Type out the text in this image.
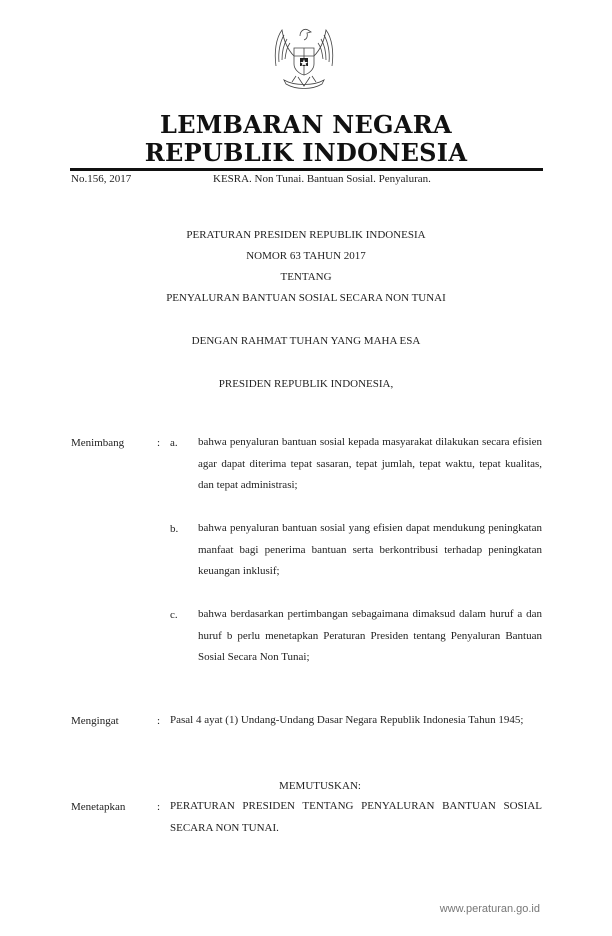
LEMBARAN NEGARA
REPUBLIK INDONESIA
No.156, 2017	KESRA. Non Tunai. Bantuan Sosial. Penyaluran.
PERATURAN PRESIDEN REPUBLIK INDONESIA
NOMOR 63 TAHUN 2017
TENTANG
PENYALURAN BANTUAN SOSIAL SECARA NON TUNAI
DENGAN RAHMAT TUHAN YANG MAHA ESA
PRESIDEN REPUBLIK INDONESIA,
Menimbang	: a. bahwa penyaluran bantuan sosial kepada masyarakat dilakukan secara efisien agar dapat diterima tepat sasaran, tepat jumlah, tepat waktu, tepat kualitas, dan tepat administrasi;
b. bahwa penyaluran bantuan sosial yang efisien dapat mendukung peningkatan manfaat bagi penerima bantuan serta berkontribusi terhadap peningkatan keuangan inklusif;
c. bahwa berdasarkan pertimbangan sebagaimana dimaksud dalam huruf a dan huruf b perlu menetapkan Peraturan Presiden tentang Penyaluran Bantuan Sosial Secara Non Tunai;
Mengingat	: Pasal 4 ayat (1) Undang-Undang Dasar Negara Republik Indonesia Tahun 1945;
MEMUTUSKAN:
Menetapkan	: PERATURAN PRESIDEN TENTANG PENYALURAN BANTUAN SOSIAL SECARA NON TUNAI.
www.peraturan.go.id
